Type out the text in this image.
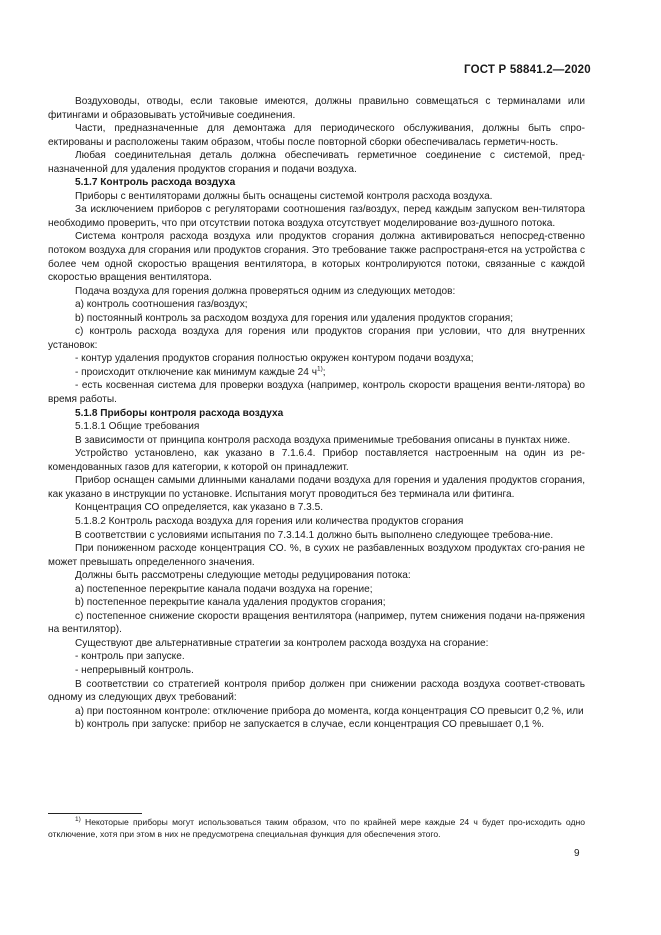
ГОСТ Р 58841.2—2020

Воздуховоды, отводы, если таковые имеются, должны правильно совмещаться с терминалами или фитингами и образовывать устойчивые соединения.

Части, предназначенные для демонтажа для периодического обслуживания, должны быть спро-ектированы и расположены таким образом, чтобы после повторной сборки обеспечивалась герметич-ность.

Любая соединительная деталь должна обеспечивать герметичное соединение с системой, пред-назначенной для удаления продуктов сгорания и подачи воздуха.

5.1.7 Контроль расхода воздуха

Приборы с вентиляторами должны быть оснащены системой контроля расхода воздуха.

За исключением приборов с регуляторами соотношения газ/воздух, перед каждым запуском вен-тилятора необходимо проверить, что при отсутствии потока воздуха отсутствует моделирование воз-душного потока.

Система контроля расхода воздуха или продуктов сгорания должна активироваться непосред-ственно потоком воздуха для сгорания или продуктов сгорания. Это требование также распространя-ется на устройства с более чем одной скоростью вращения вентилятора, в которых контролируются потоки, связанные с каждой скоростью вращения вентилятора.

Подача воздуха для горения должна проверяться одним из следующих методов:

a) контроль соотношения газ/воздух;

b) постоянный контроль за расходом воздуха для горения или удаления продуктов сгорания;

c) контроль расхода воздуха для горения или продуктов сгорания при условии, что для внутренних установок:

- контур удаления продуктов сгорания полностью окружен контуром подачи воздуха;

- происходит отключение как минимум каждые 24 $ч^{1)}$;

- есть косвенная система для проверки воздуха (например, контроль скорости вращения венти-лятора) во время работы.

5.1.8 Приборы контроля расхода воздуха

5.1.8.1 Общие требования

В зависимости от принципа контроля расхода воздуха применимые требования описаны в пунктах ниже.

Устройство установлено, как указано в 7.1.6.4. Прибор поставляется настроенным на один из ре-комендованных газов для категории, к которой он принадлежит.

Прибор оснащен самыми длинными каналами подачи воздуха для горения и удаления продуктов сгорания, как указано в инструкции по установке. Испытания могут проводиться без терминала или фитинга.

Концентрация СО определяется, как указано в 7.3.5.

5.1.8.2 Контроль расхода воздуха для горения или количества продуктов сгорания

В соответствии с условиями испытания по 7.3.14.1 должно быть выполнено следующее требова-ние.

При пониженном расходе концентрация СО. %, в сухих не разбавленных воздухом продуктах сго-рания не может превышать определенного значения.

Должны быть рассмотрены следующие методы редуцирования потока:

a) постепенное перекрытие канала подачи воздуха на горение;

b) постепенное перекрытие канала удаления продуктов сгорания;

c) постепенное снижение скорости вращения вентилятора (например, путем снижения подачи на-пряжения на вентилятор).

Существуют две альтернативные стратегии за контролем расхода воздуха на сгорание:

- контроль при запуске.

- непрерывный контроль.

В соответствии со стратегией контроля прибор должен при снижении расхода воздуха соответ-ствовать одному из следующих двух требований:

a) при постоянном контроле: отключение прибора до момента, когда концентрация СО превысит 0,2 %, или

b) контроль при запуске: прибор не запускается в случае, если концентрация СО превышает 0,1 %.

$^{1)}$ Некоторые приборы могут использоваться таким образом, что по крайней мере каждые 24 ч будет про-исходить одно отключение, хотя при этом в них не предусмотрена специальная функция для обеспечения этого.
9
